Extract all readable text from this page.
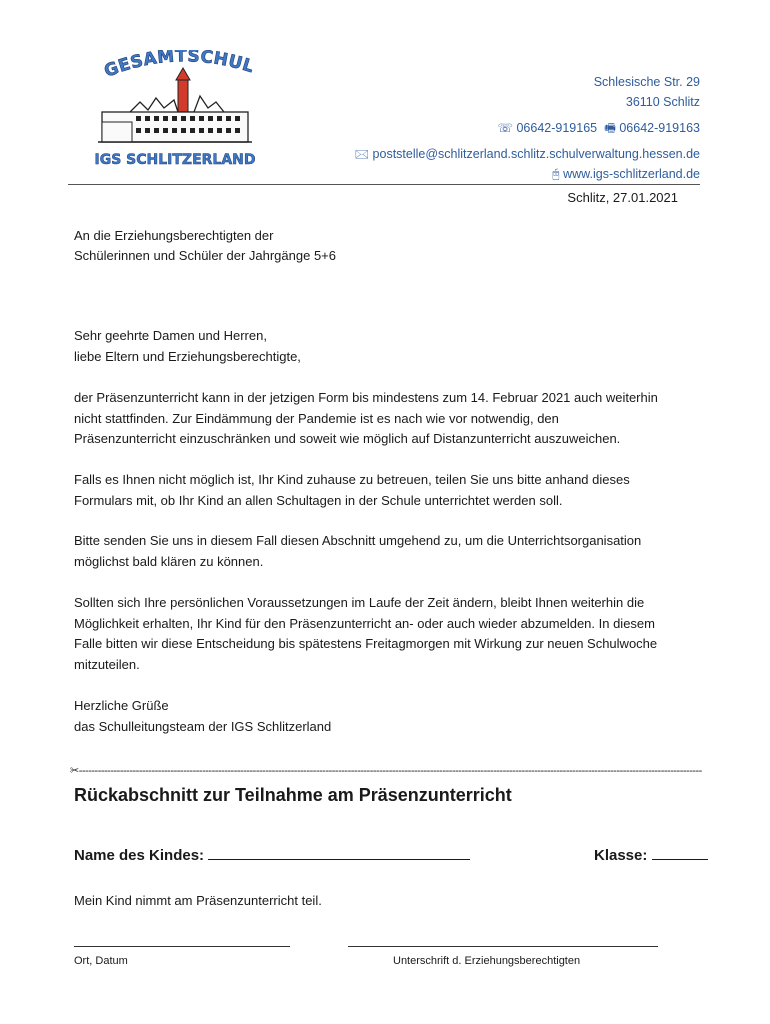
GESAMTSCHUL
IGS SCHLITZERLAND
Schlesische Str. 29
36110 Schlitz
☏ 06642-919165 🖷 06642-919163
🖂 poststelle@schlitzerland.schlitz.schulverwaltung.hessen.de
🖰 www.igs-schlitzerland.de
Schlitz, 27.01.2021
An die Erziehungsberechtigten der
Schülerinnen und Schüler der Jahrgänge 5+6
Sehr geehrte Damen und Herren,
liebe Eltern und Erziehungsberechtigte,
der Präsenzunterricht kann in der jetzigen Form bis mindestens zum 14. Februar 2021 auch weiterhin
nicht stattfinden. Zur Eindämmung der Pandemie ist es nach wie vor notwendig, den
Präsenzunterricht einzuschränken und soweit wie möglich auf Distanzunterricht auszuweichen.
Falls es Ihnen nicht möglich ist, Ihr Kind zuhause zu betreuen, teilen Sie uns bitte anhand dieses
Formulars mit, ob Ihr Kind an allen Schultagen in der Schule unterrichtet werden soll.
Bitte senden Sie uns in diesem Fall diesen Abschnitt umgehend zu, um die Unterrichtsorganisation
möglichst bald klären zu können.
Sollten sich Ihre persönlichen Voraussetzungen im Laufe der Zeit ändern, bleibt Ihnen weiterhin die
Möglichkeit erhalten, Ihr Kind für den Präsenzunterricht an- oder auch wieder abzumelden. In diesem
Falle bitten wir diese Entscheidung bis spätestens Freitagmorgen mit Wirkung zur neuen Schulwoche
mitzuteilen.
Herzliche Grüße
das Schulleitungsteam der IGS Schlitzerland
✂-----------------------------------------------------------------------------------------------------------------------------------------------------------------------------------------------------
Rückabschnitt zur Teilnahme am Präsenzunterricht
Name des Kindes:	Klasse:
Mein Kind nimmt am Präsenzunterricht teil.
Ort, Datum	Unterschrift d. Erziehungsberechtigten
